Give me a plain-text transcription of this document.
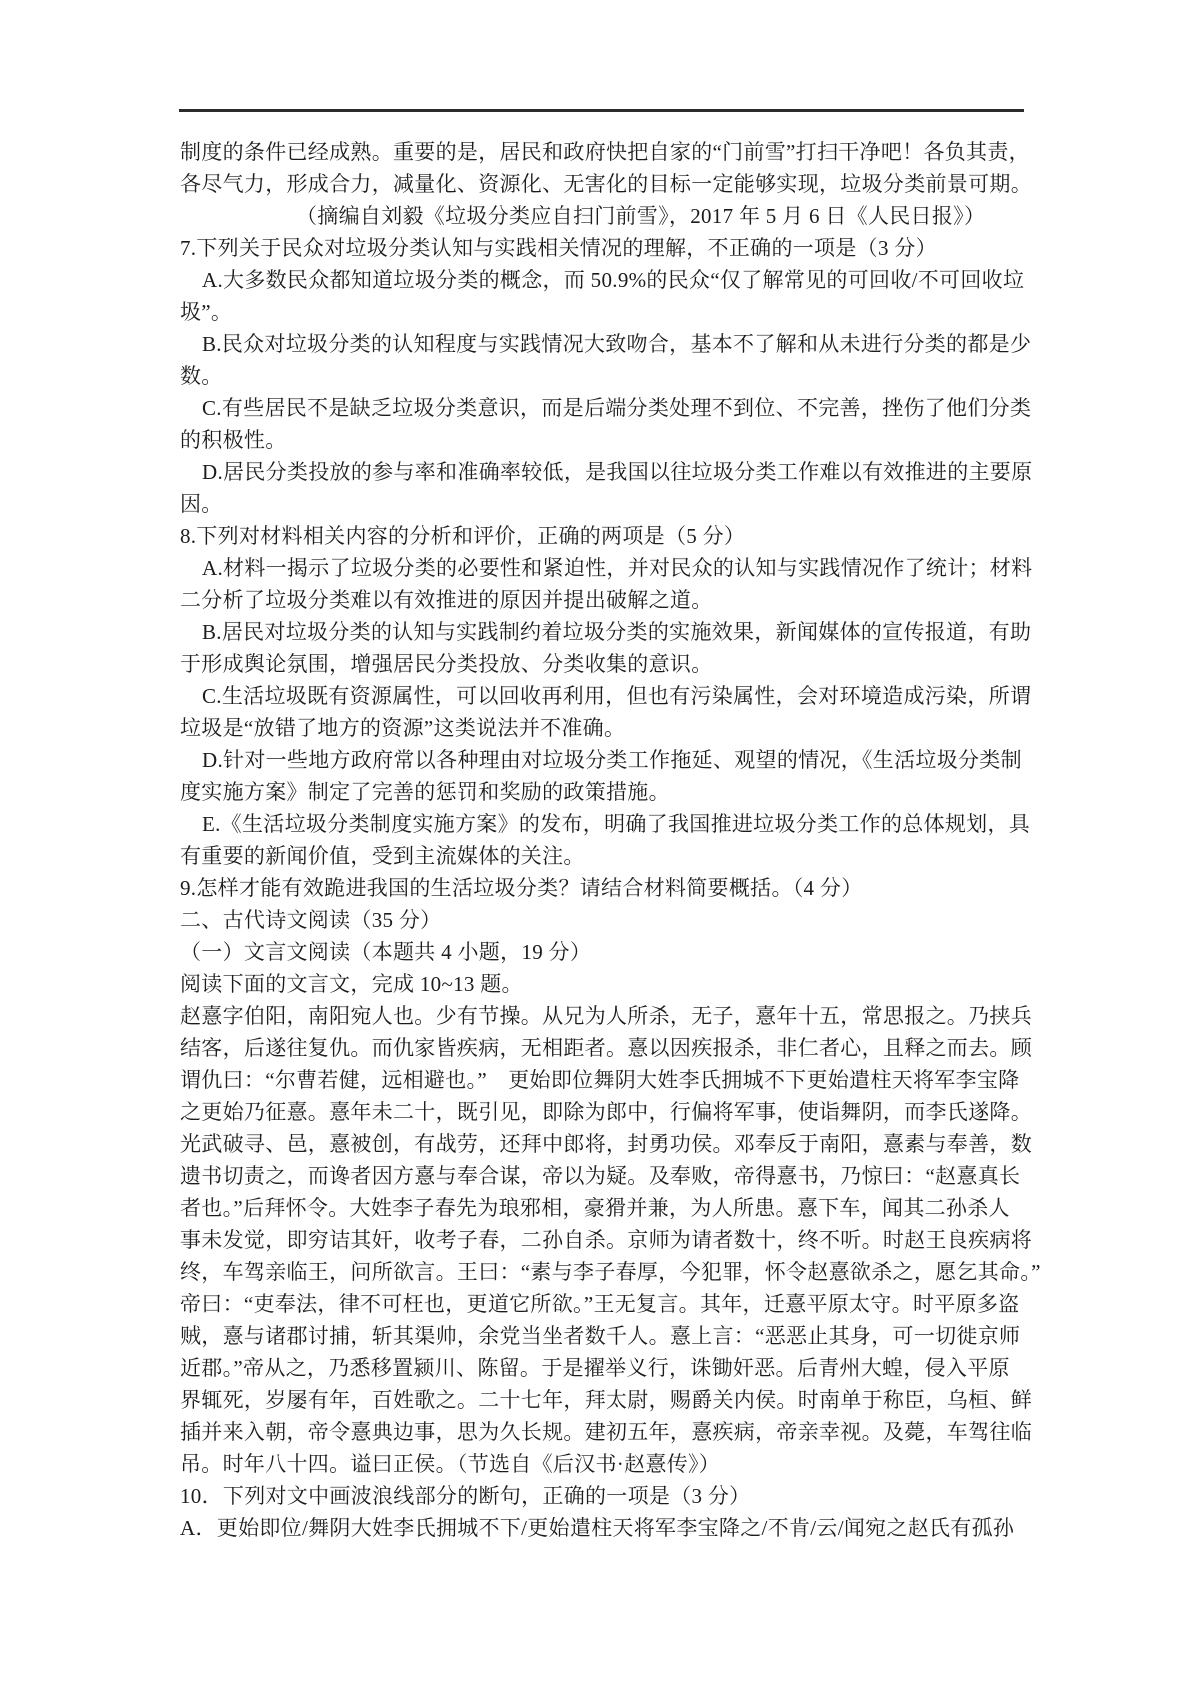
制度的条件已经成熟。重要的是，居民和政府快把自家的“门前雪”打扫干净吧！各负其责，
各尽气力，形成合力，减量化、资源化、无害化的目标一定能够实现，垃圾分类前景可期。
（摘编自刘毅《垃圾分类应自扫门前雪》，2017 年 5 月 6 日《人民日报》）
7.下列关于民众对垃圾分类认知与实践相关情况的理解，不正确的一项是（3 分）
A.大多数民众都知道垃圾分类的概念，而 50.9%的民众“仅了解常见的可回收/不可回收垃
圾”。
B.民众对垃圾分类的认知程度与实践情况大致吻合，基本不了解和从未进行分类的都是少
数。
C.有些居民不是缺乏垃圾分类意识，而是后端分类处理不到位、不完善，挫伤了他们分类
的积极性。
D.居民分类投放的参与率和准确率较低，是我国以往垃圾分类工作难以有效推进的主要原
因。
8.下列对材料相关内容的分析和评价，正确的两项是（5 分）
A.材料一揭示了垃圾分类的必要性和紧迫性，并对民众的认知与实践情况作了统计；材料
二分析了垃圾分类难以有效推进的原因并提出破解之道。
B.居民对垃圾分类的认知与实践制约着垃圾分类的实施效果，新闻媒体的宣传报道，有助
于形成舆论氛围，增强居民分类投放、分类收集的意识。
C.生活垃圾既有资源属性，可以回收再利用，但也有污染属性，会对环境造成污染，所谓
垃圾是“放错了地方的资源”这类说法并不准确。
D.针对一些地方政府常以各种理由对垃圾分类工作拖延、观望的情况，《生活垃圾分类制
度实施方案》制定了完善的惩罚和奖励的政策措施。
E.《生活垃圾分类制度实施方案》的发布，明确了我国推进垃圾分类工作的总体规划，具
有重要的新闻价值，受到主流媒体的关注。
9.怎样才能有效跪进我国的生活垃圾分类？请结合材料简要概括。（4 分）
二、古代诗文阅读（35 分）
（一）文言文阅读（本题共 4 小题，19 分）
阅读下面的文言文，完成 10~13 题。
赵憙字伯阳，南阳宛人也。少有节操。从兄为人所杀，无子，憙年十五，常思报之。乃挟兵
结客，后遂往复仇。而仇家皆疾病，无相距者。憙以因疾报杀，非仁者心，且释之而去。顾
谓仇曰：“尔曹若健，远相避也。”　更始即位舞阴大姓李氏拥城不下更始遣柱天将军李宝降
之更始乃征憙。憙年未二十，既引见，即除为郎中，行偏将军事，使诣舞阴，而李氏遂降。
光武破寻、邑，憙被创，有战劳，还拜中郎将，封勇功侯。邓奉反于南阳，憙素与奉善，数
遗书切责之，而谗者因方憙与奉合谋，帝以为疑。及奉败，帝得憙书，乃惊曰：“赵憙真长
者也。”后拜怀令。大姓李子春先为琅邪相，豪猾并兼，为人所患。憙下车，闻其二孙杀人
事未发觉，即穷诘其奸，收考子春，二孙自杀。京师为请者数十，终不听。时赵王良疾病将
终，车驾亲临王，问所欲言。王曰：“素与李子春厚，今犯罪，怀令赵憙欲杀之，愿乞其命。”
帝曰：“吏奉法，律不可枉也，更道它所欲。”王无复言。其年，迁憙平原太守。时平原多盗
贼，憙与诸郡讨捕，斩其渠帅，余党当坐者数千人。憙上言：“恶恶止其身，可一切徙京师
近郡。”帝从之，乃悉移置颍川、陈留。于是擢举义行，诛锄奸恶。后青州大蝗，侵入平原
界辄死，岁屡有年，百姓歌之。二十七年，拜太尉，赐爵关内侯。时南单于称臣，乌桓、鲜
插并来入朝，帝令憙典边事，思为久长规。建初五年，憙疾病，帝亲幸视。及薨，车驾往临
吊。时年八十四。谥曰正侯。（节选自《后汉书·赵憙传》）
10．下列对文中画波浪线部分的断句，正确的一项是（3 分）
A．更始即位/舞阴大姓李氏拥城不下/更始遣柱天将军李宝降之/不肯/云/闻宛之赵氏有孤孙
